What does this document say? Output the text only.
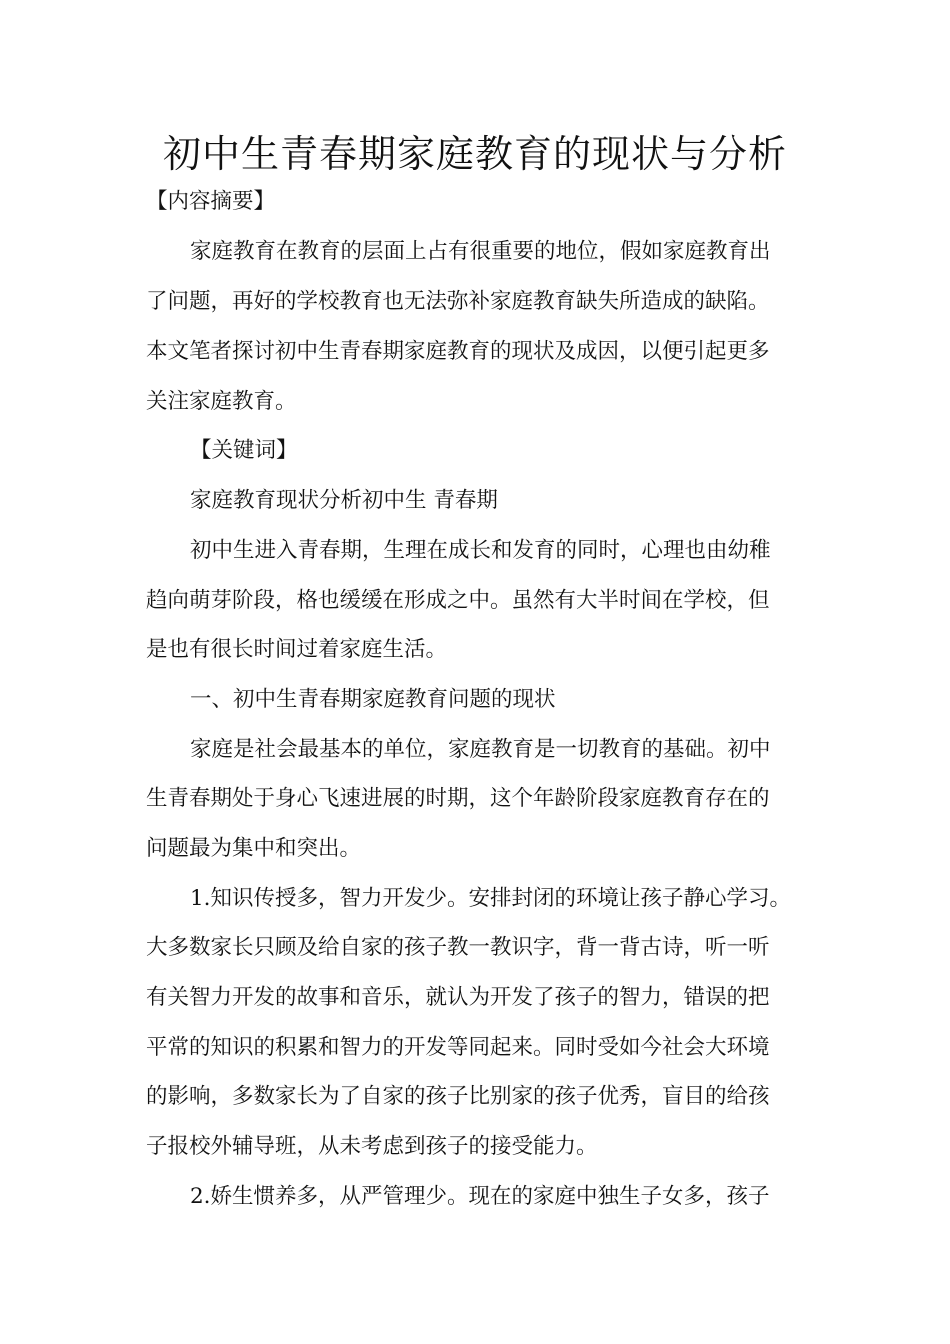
初中生青春期家庭教育的现状与分析

【内容摘要】

家庭教育在教育的层面上占有很重要的地位，假如家庭教育出

了问题，再好的学校教育也无法弥补家庭教育缺失所造成的缺陷。

本文笔者探讨初中生青春期家庭教育的现状及成因，以便引起更多

关注家庭教育。

【关键词】

家庭教育现状分析初中生 青春期

初中生进入青春期，生理在成长和发育的同时，心理也由幼稚

趋向萌芽阶段，格也缓缓在形成之中。虽然有大半时间在学校，但

是也有很长时间过着家庭生活。

一、初中生青春期家庭教育问题的现状

家庭是社会最基本的单位，家庭教育是一切教育的基础。初中

生青春期处于身心飞速进展的时期，这个年龄阶段家庭教育存在的

问题最为集中和突出。

1.知识传授多，智力开发少。安排封闭的环境让孩子静心学习。

大多数家长只顾及给自家的孩子教一教识字，背一背古诗，听一听

有关智力开发的故事和音乐，就认为开发了孩子的智力，错误的把

平常的知识的积累和智力的开发等同起来。同时受如今社会大环境

的影响，多数家长为了自家的孩子比别家的孩子优秀，盲目的给孩

子报校外辅导班，从未考虑到孩子的接受能力。

2.娇生惯养多，从严管理少。现在的家庭中独生子女多，孩子
